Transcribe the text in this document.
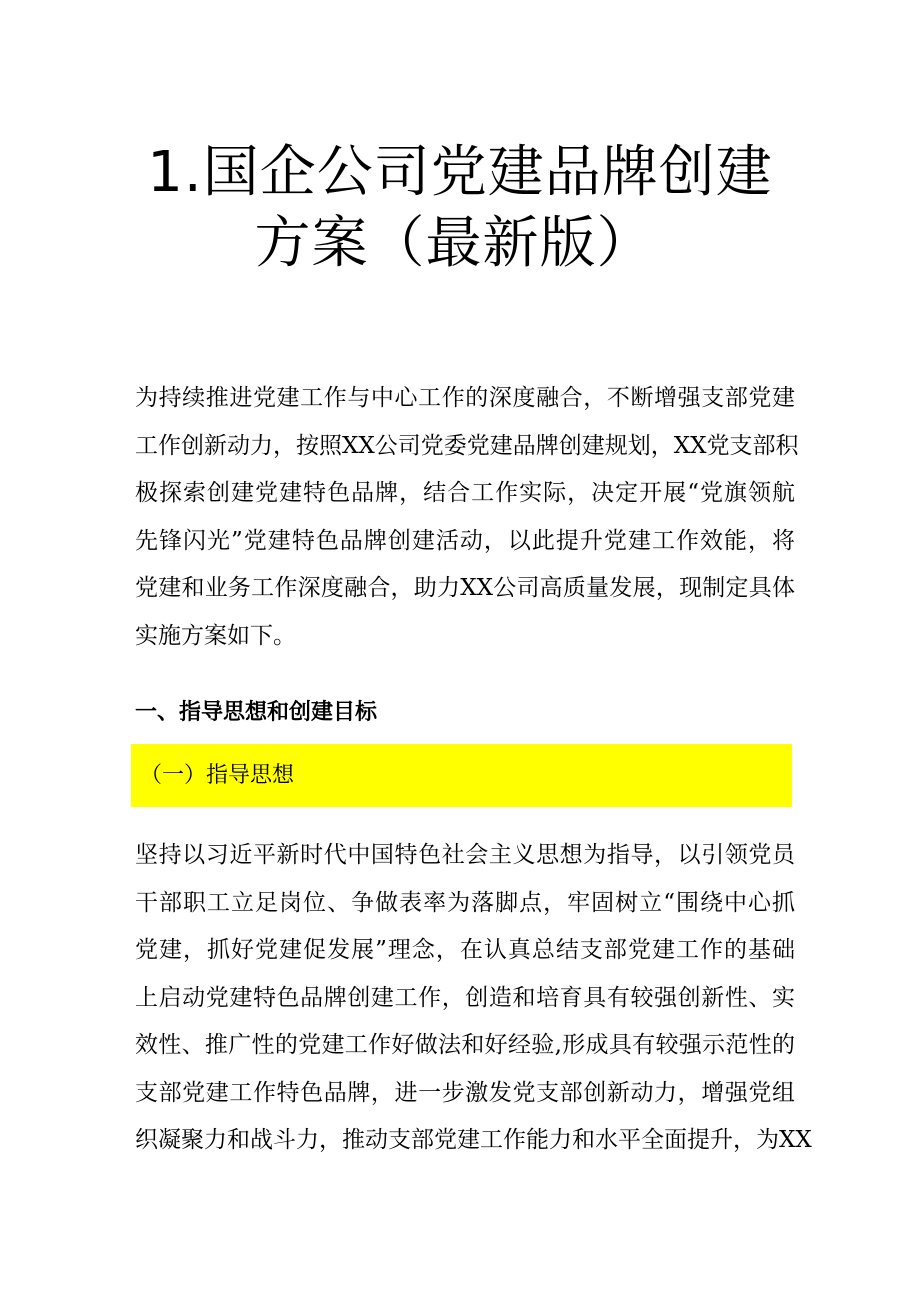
1.国企公司党建品牌创建
方案（最新版）
为持续推进党建工作与中心工作的深度融合，不断增强支部党建
工作创新动力，按照XX公司党委党建品牌创建规划，XX党支部积
极探索创建党建特色品牌，结合工作实际，决定开展“党旗领航
先锋闪光”党建特色品牌创建活动，以此提升党建工作效能，将
党建和业务工作深度融合，助力XX公司高质量发展，现制定具体
实施方案如下。
一、指导思想和创建目标
（一）指导思想
坚持以习近平新时代中国特色社会主义思想为指导，以引领党员
干部职工立足岗位、争做表率为落脚点，牢固树立“围绕中心抓
党建，抓好党建促发展”理念，在认真总结支部党建工作的基础
上启动党建特色品牌创建工作，创造和培育具有较强创新性、实
效性、推广性的党建工作好做法和好经验,形成具有较强示范性的
支部党建工作特色品牌，进一步激发党支部创新动力，增强党组
织凝聚力和战斗力，推动支部党建工作能力和水平全面提升，为XX
